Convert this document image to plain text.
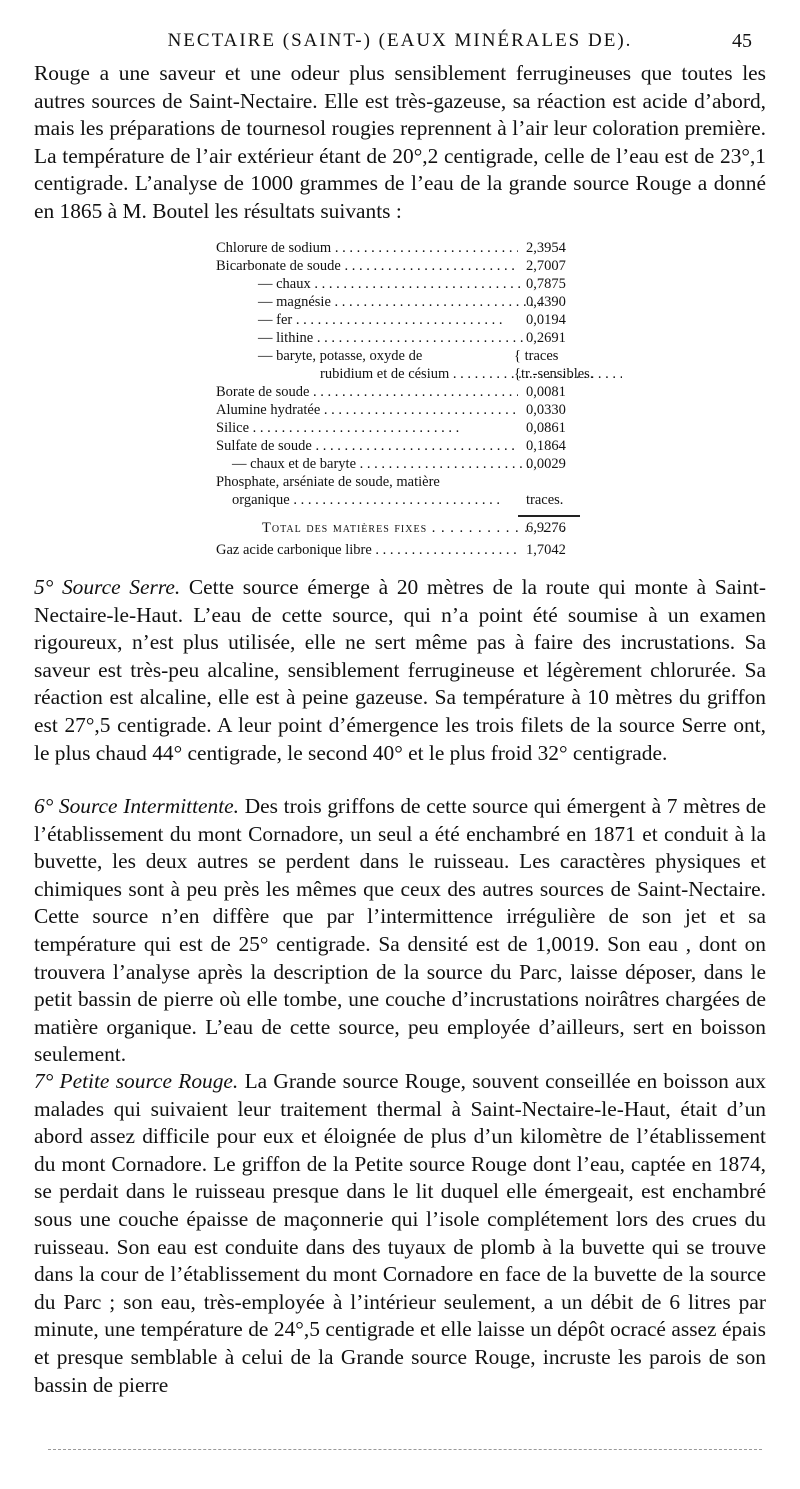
NECTAIRE (SAINT-) (EAUX MINÉRALES DE).	45

Rouge a une saveur et une odeur plus sensiblement ferrugineuses que toutes les autres sources de Saint-Nectaire. Elle est très-gazeuse, sa réaction est acide d’abord, mais les préparations de tournesol rougies reprennent à l’air leur coloration première. La température de l’air extérieur étant de 20°,2 centigrade, celle de l’eau est de 23°,1 centigrade. L’analyse de 1000 grammes de l’eau de la grande source Rouge a donné en 1865 à M. Boutel les résultats suivants :

Chlorure de sodium . . .	2,3954
Bicarbonate de soude . . .	2,7007
— chaux . . .	0,7875
— magnésie . . .	0,4390
— fer . . .	0,0194
— lithine . . .	0,2691
— baryte, potasse, oxyde de	{ traces
rubidium et de césium . . .	{tr.-sensibles.
Borate de soude . . .	0,0081
Alumine hydratée . . .	0,0330
Silice . . .	0,0861
Sulfate de soude . . .	0,1864
— chaux et de baryte . . .	0,0029
Phosphate, arséniate de soude, matière
organique . . .	traces.
Total des matières fixes . . .	6,9276
Gaz acide carbonique libre . . .	1,7042

5° Source Serre. Cette source émerge à 20 mètres de la route qui monte à Saint-Nectaire-le-Haut. L’eau de cette source, qui n’a point été soumise à un examen rigoureux, n’est plus utilisée, elle ne sert même pas à faire des incrustations. Sa saveur est très-peu alcaline, sensiblement ferrugineuse et légèrement chlorurée. Sa réaction est alcaline, elle est à peine gazeuse. Sa température à 10 mètres du griffon est 27°,5 centigrade. A leur point d’émergence les trois filets de la source Serre ont, le plus chaud 44° centigrade, le second 40° et le plus froid 32° centigrade.

6° Source Intermittente. Des trois griffons de cette source qui émergent à 7 mètres de l’établissement du mont Cornadore, un seul a été enchambré en 1871 et conduit à la buvette, les deux autres se perdent dans le ruisseau. Les caractères physiques et chimiques sont à peu près les mêmes que ceux des autres sources de Saint-Nectaire. Cette source n’en diffère que par l’intermittence irrégulière de son jet et sa température qui est de 25° centigrade. Sa densité est de 1,0019. Son eau , dont on trouvera l’analyse après la description de la source du Parc, laisse déposer, dans le petit bassin de pierre où elle tombe, une couche d’incrustations noirâtres chargées de matière organique. L’eau de cette source, peu employée d’ailleurs, sert en boisson seulement.

7° Petite source Rouge. La Grande source Rouge, souvent conseillée en boisson aux malades qui suivaient leur traitement thermal à Saint-Nectaire-le-Haut, était d’un abord assez difficile pour eux et éloignée de plus d’un kilomètre de l’établissement du mont Cornadore. Le griffon de la Petite source Rouge dont l’eau, captée en 1874, se perdait dans le ruisseau presque dans le lit duquel elle émergeait, est enchambré sous une couche épaisse de maçonnerie qui l’isole complétement lors des crues du ruisseau. Son eau est conduite dans des tuyaux de plomb à la buvette qui se trouve dans la cour de l’établissement du mont Cornadore en face de la buvette de la source du Parc ; son eau, très-employée à l’intérieur seulement, a un débit de 6 litres par minute, une température de 24°,5 centigrade et elle laisse un dépôt ocracé assez épais et presque semblable à celui de la Grande source Rouge, incruste les parois de son bassin de pierre
